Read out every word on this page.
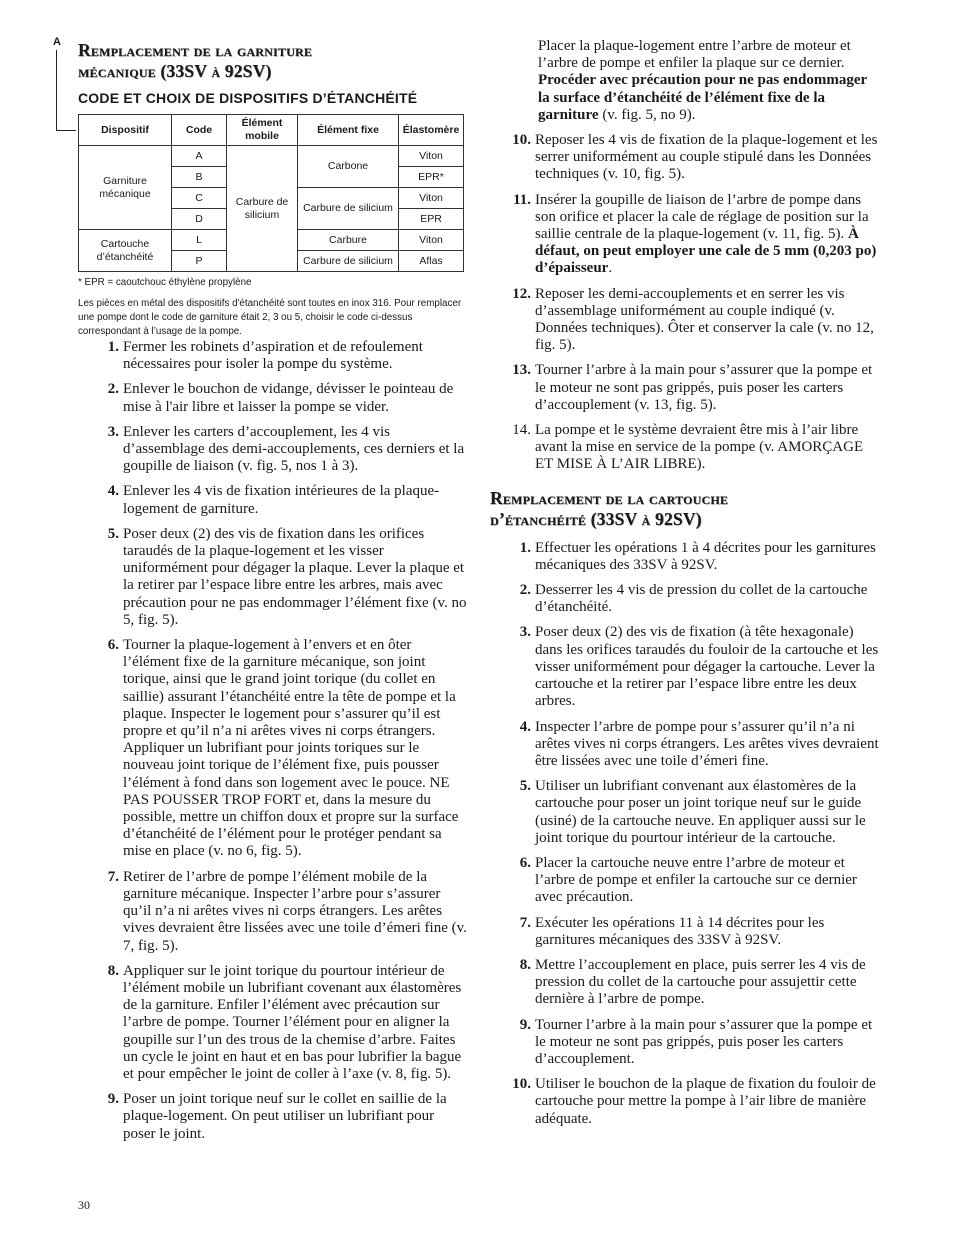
A Remplacement de la garniture
mécanique (33SV à 92SV)
CODE ET CHOIX DE DISPOSITIFS D’ÉTANCHÉITÉ
Dispositif	Code	Élément mobile	Élément fixe	Élastomère
Garniture mécanique	A	Carbure de silicium	Carbone	Viton
	B			EPR*
	C		Carbure de silicium	Viton
	D			EPR
Cartouche d’étanchéité	L		Carbure	Viton
	P		Carbure de silicium	Aflas
* EPR = caoutchouc éthylène propylène
Les pièces en métal des dispositifs d'étanchéité sont toutes en inox 316. Pour remplacer une pompe dont le code de garniture était 2, 3 ou 5, choisir le code ci-dessus correspondant à l’usage de la pompe.
1. Fermer les robinets d’aspiration et de refoulement nécessaires pour isoler la pompe du système.
2. Enlever le bouchon de vidange, dévisser le pointeau de mise à l'air libre et laisser la pompe se vider.
3. Enlever les carters d’accouplement, les 4 vis d’assemblage des demi-accouplements, ces derniers et la goupille de liaison (v. fig. 5, nos 1 à 3).
4. Enlever les 4 vis de fixation intérieures de la plaque-logement de garniture.
5. Poser deux (2) des vis de fixation dans les orifices taraudés de la plaque-logement et les visser uniformément pour dégager la plaque. Lever la plaque et la retirer par l’espace libre entre les arbres, mais avec précaution pour ne pas endommager l’élément fixe (v. no 5, fig. 5).
6. Tourner la plaque-logement à l’envers et en ôter l’élément fixe de la garniture mécanique, son joint torique, ainsi que le grand joint torique (du collet en saillie) assurant l’étanchéité entre la tête de pompe et la plaque. Inspecter le logement pour s’assurer qu’il est propre et qu’il n’a ni arêtes vives ni corps étrangers. Appliquer un lubrifiant pour joints toriques sur le nouveau joint torique de l’élément fixe, puis pousser l’élément à fond dans son logement avec le pouce. NE PAS POUSSER TROP FORT et, dans la mesure du possible, mettre un chiffon doux et propre sur la surface d’étanchéité de l’élément pour le protéger pendant sa mise en place (v. no 6, fig. 5).
7. Retirer de l’arbre de pompe l’élément mobile de la garniture mécanique. Inspecter l’arbre pour s’assurer qu’il n’a ni arêtes vives ni corps étrangers. Les arêtes vives devraient être lissées avec une toile d’émeri fine (v. 7, fig. 5).
8. Appliquer sur le joint torique du pourtour intérieur de l’élément mobile un lubrifiant covenant aux élastomères de la garniture. Enfiler l’élément avec précaution sur l’arbre de pompe. Tourner l’élément pour en aligner la goupille sur l’un des trous de la chemise d’arbre. Faites un cycle le joint en haut et en bas pour lubrifier la bague et pour empêcher le joint de coller à l’axe (v. 8, fig. 5).
9. Poser un joint torique neuf sur le collet en saillie de la plaque-logement. On peut utiliser un lubrifiant pour poser le joint.

Placer la plaque-logement entre l’arbre de moteur et l’arbre de pompe et enfiler la plaque sur ce dernier. Procéder avec précaution pour ne pas endommager la surface d’étanchéité de l’élément fixe de la garniture (v. fig. 5, no 9).

10. Reposer les 4 vis de fixation de la plaque-logement et les serrer uniformément au couple stipulé dans les Données techniques (v. 10, fig. 5).
11. Insérer la goupille de liaison de l’arbre de pompe dans son orifice et placer la cale de réglage de position sur la saillie centrale de la plaque-logement (v. 11, fig. 5). À défaut, on peut employer une cale de 5 mm (0,203 po) d’épaisseur.
12. Reposer les demi-accouplements et en serrer les vis d’assemblage uniformément au couple indiqué (v. Données techniques). Ôter et conserver la cale (v. no 12, fig. 5).
13. Tourner l’arbre à la main pour s’assurer que la pompe et le moteur ne sont pas grippés, puis poser les carters d’accouplement (v. 13, fig. 5).
14. La pompe et le système devraient être mis à l’air libre avant la mise en service de la pompe (v. AMORÇAGE ET MISE À L’AIR LIBRE).
Remplacement de la cartouche
d’étanchéité (33SV à 92SV)
1. Effectuer les opérations 1 à 4 décrites pour les garnitures mécaniques des 33SV à 92SV.
2. Desserrer les 4 vis de pression du collet de la cartouche d’étanchéité.
3. Poser deux (2) des vis de fixation (à tête hexagonale) dans les orifices taraudés du fouloir de la cartouche et les visser uniformément pour dégager la cartouche. Lever la cartouche et la retirer par l’espace libre entre les deux arbres.
4. Inspecter l’arbre de pompe pour s’assurer qu’il n’a ni arêtes vives ni corps étrangers. Les arêtes vives devraient être lissées avec une toile d’émeri fine.
5. Utiliser un lubrifiant convenant aux élastomères de la cartouche pour poser un joint torique neuf sur le guide (usiné) de la cartouche neuve. En appliquer aussi sur le joint torique du pourtour intérieur de la cartouche.
6. Placer la cartouche neuve entre l’arbre de moteur et l’arbre de pompe et enfiler la cartouche sur ce dernier avec précaution.
7. Exécuter les opérations 11 à 14 décrites pour les garnitures mécaniques des 33SV à 92SV.
8. Mettre l’accouplement en place, puis serrer les 4 vis de pression du collet de la cartouche pour assujettir cette dernière à l’arbre de pompe.
9. Tourner l’arbre à la main pour s’assurer que la pompe et le moteur ne sont pas grippés, puis poser les carters d’accouplement.
10. Utiliser le bouchon de la plaque de fixation du fouloir de cartouche pour mettre la pompe à l’air libre de manière adéquate.
30
